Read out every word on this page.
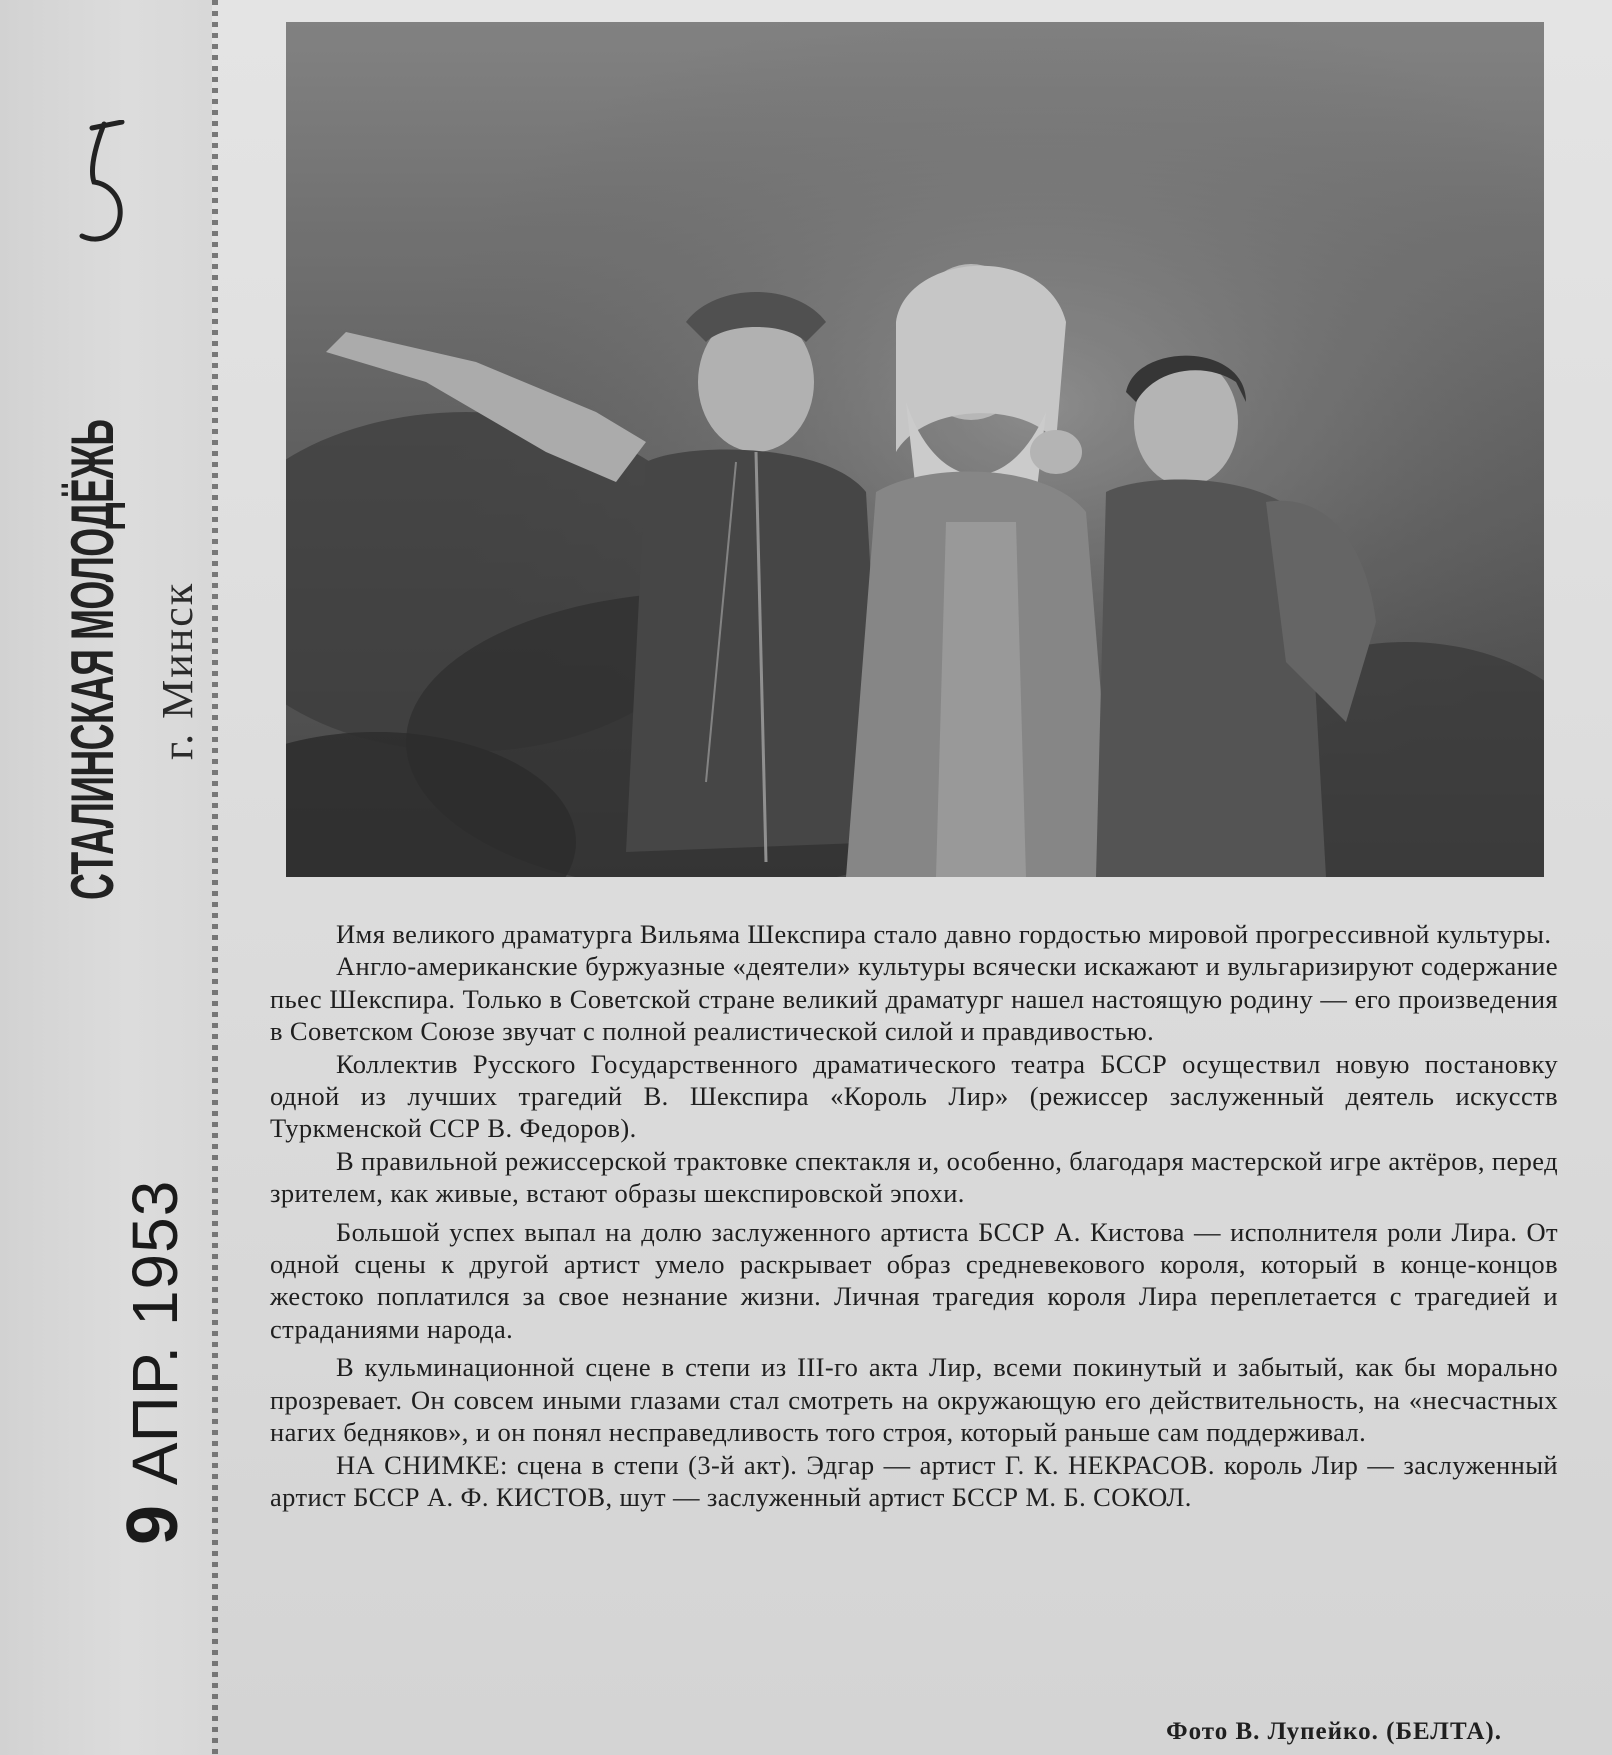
СТАЛИНСКАЯ МОЛОДЁЖЬ г. Минск
9 АПР. 1953

Имя великого драматурга Вильяма Шекспира стало давно гордостью мировой прогрессивной культуры.

Англо-американские буржуазные «деятели» культуры всячески искажают и вульгаризируют содержание пьес Шекспира. Только в Советской стране великий драматург нашел настоящую родину — его произведения в Советском Союзе звучат с полной реалистической силой и правдивостью.

Коллектив Русского Государственного драматического театра БССР осуществил новую постановку одной из лучших трагедий В. Шекспира «Король Лир» (режиссер заслуженный деятель искусств Туркменской ССР В. Федоров).

В правильной режиссерской трактовке спектакля и, особенно, благодаря мастерской игре актёров, перед зрителем, как живые, встают образы шекспировской эпохи.

Большой успех выпал на долю заслуженного артиста БССР А. Кистова — исполнителя роли Лира. От одной сцены к другой артист умело раскрывает образ средневекового короля, который в конце-концов жестоко поплатился за свое незнание жизни. Личная трагедия короля Лира переплетается с трагедией и страданиями народа.

В кульминационной сцене в степи из III-го акта Лир, всеми покинутый и забытый, как бы морально прозревает. Он совсем иными глазами стал смотреть на окружающую его действительность, на «несчастных нагих бедняков», и он понял несправедливость того строя, который раньше сам поддерживал.

НА СНИМКЕ: сцена в степи (3-й акт). Эдгар — артист Г. К. НЕКРАСОВ. король Лир — заслуженный артист БССР А. Ф. КИСТОВ, шут — заслуженный артист БССР М. Б. СОКОЛ.

Фото В. Лупейко. (БЕЛТА).
